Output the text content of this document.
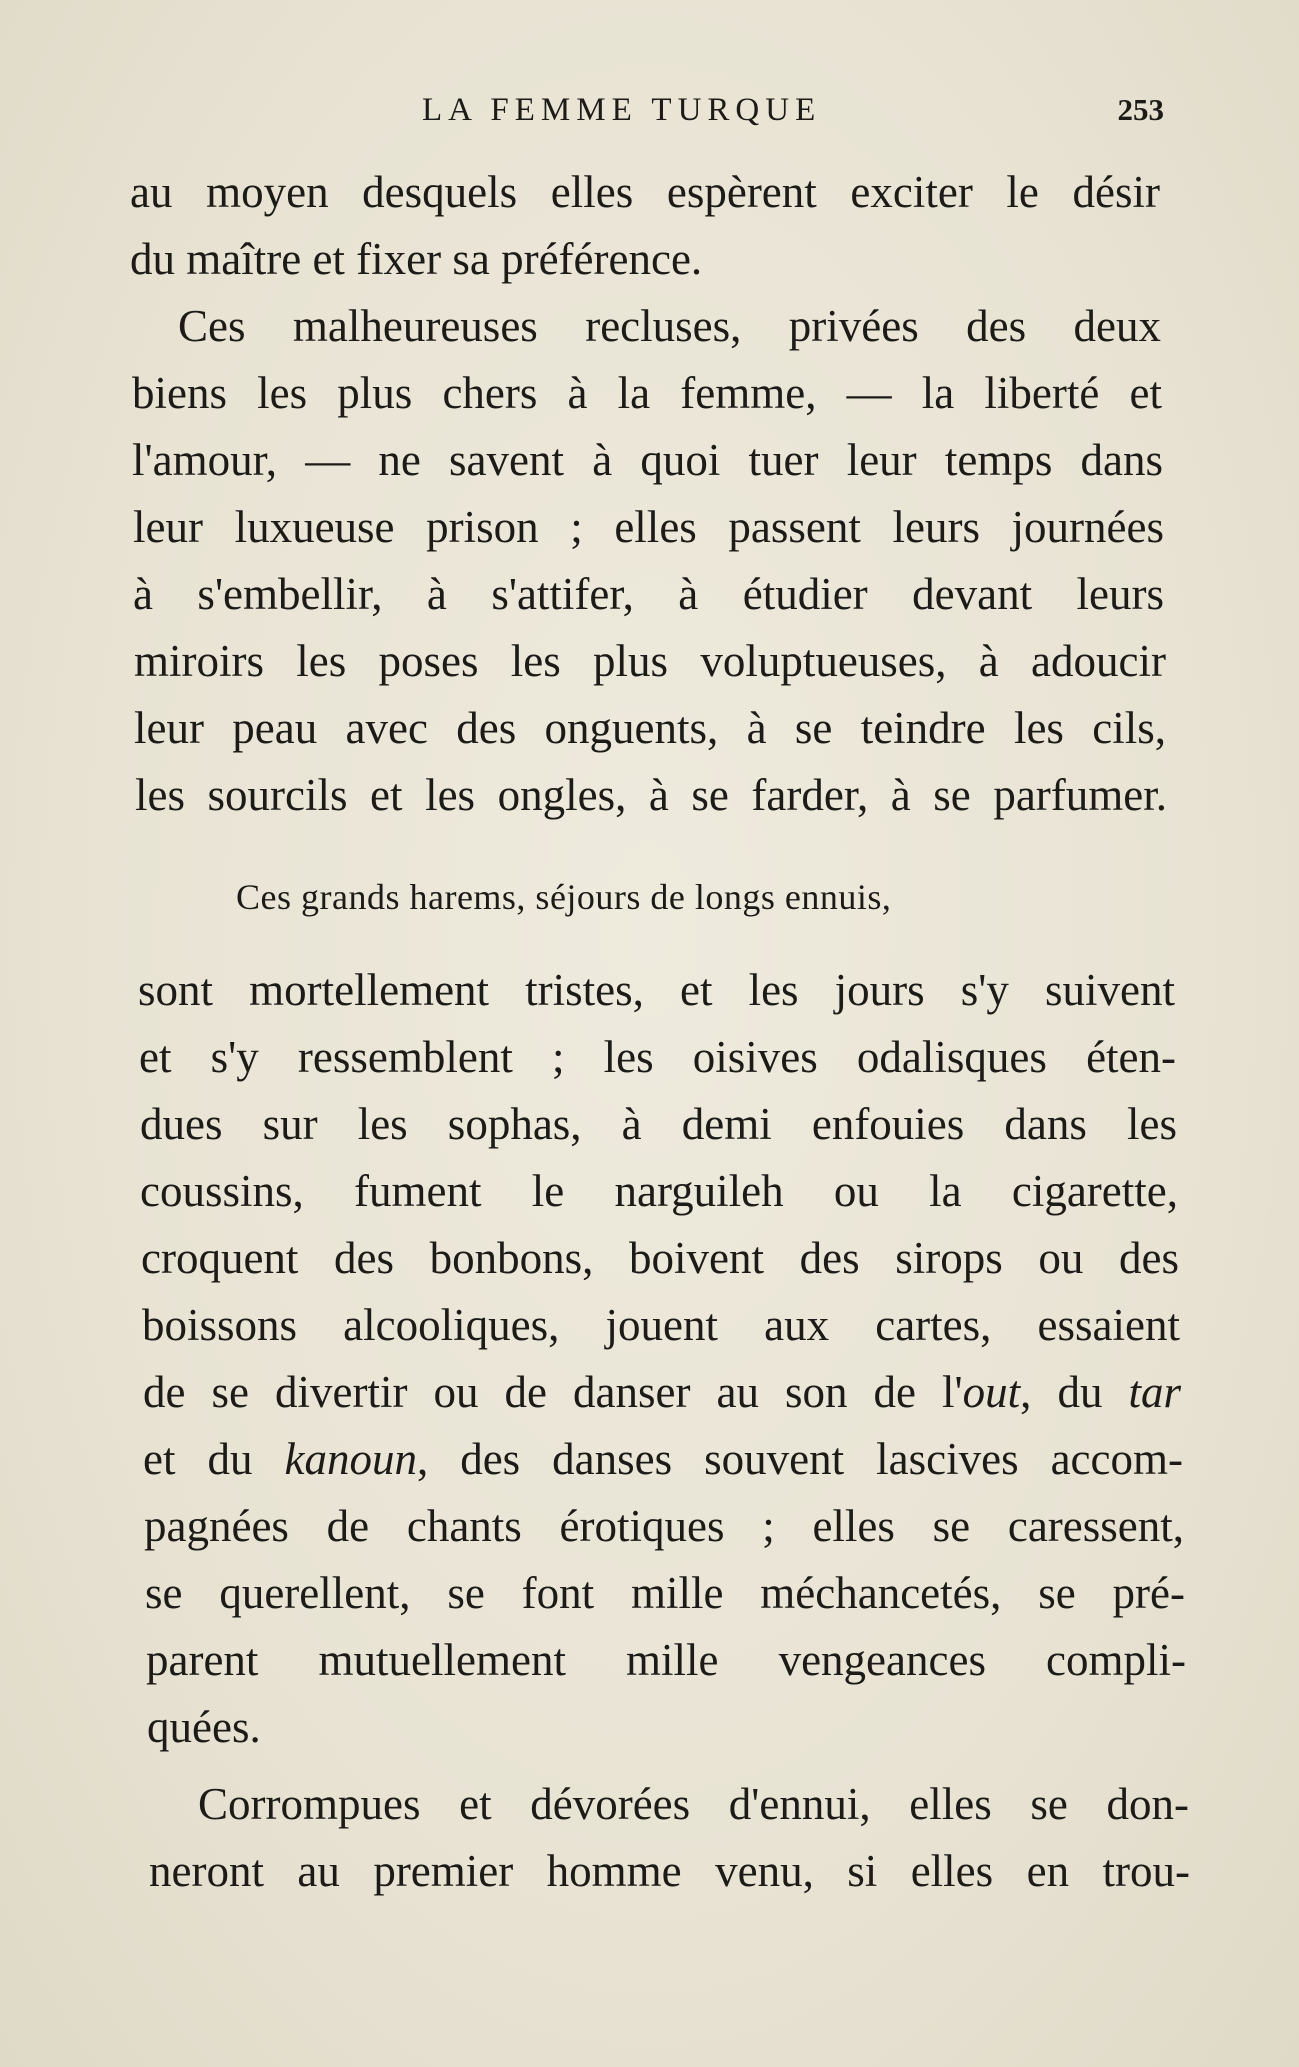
LA FEMME TURQUE	253
au moyen desquels elles espèrent exciter le désir
du maître et fixer sa préférence.
Ces malheureuses recluses, privées des deux
biens les plus chers à la femme, — la liberté et
l'amour, — ne savent à quoi tuer leur temps dans
leur luxueuse prison ; elles passent leurs journées
à s'embellir, à s'attifer, à étudier devant leurs
miroirs les poses les plus voluptueuses, à adoucir
leur peau avec des onguents, à se teindre les cils,
les sourcils et les ongles, à se farder, à se parfumer.
Ces grands harems, séjours de longs ennuis,
sont mortellement tristes, et les jours s'y suivent
et s'y ressemblent ; les oisives odalisques éten-
dues sur les sophas, à demi enfouies dans les
coussins, fument le narguileh ou la cigarette,
croquent des bonbons, boivent des sirops ou des
boissons alcooliques, jouent aux cartes, essaient
de se divertir ou de danser au son de l'out, du tar
et du kanoun, des danses souvent lascives accom-
pagnées de chants érotiques ; elles se caressent,
se querellent, se font mille méchancetés, se pré-
parent mutuellement mille vengeances compli-
quées.
Corrompues et dévorées d'ennui, elles se don-
neront au premier homme venu, si elles en trou-
